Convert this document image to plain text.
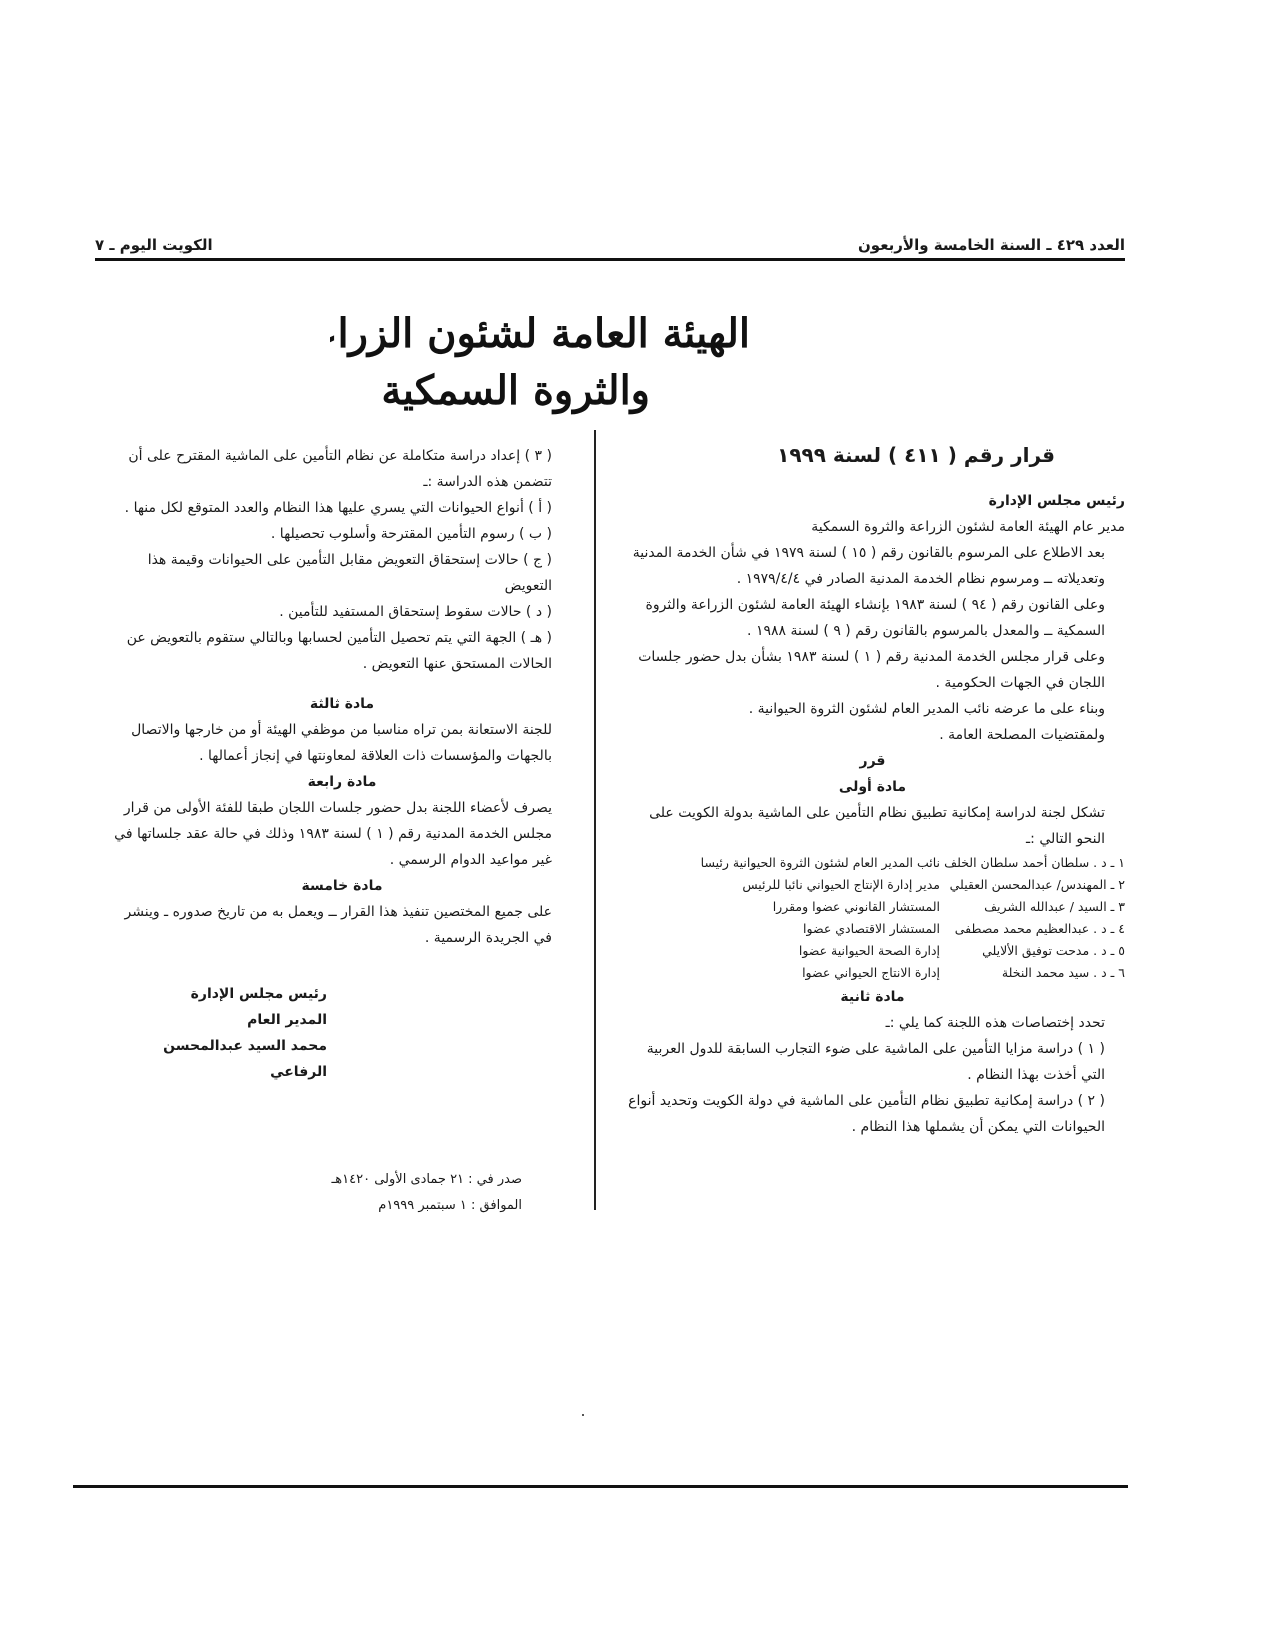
العدد ٤٢٩ ـ السنة الخامسة والأربعون
الكويت اليوم ـ ٧
الهيئة العامة لشئون الزراعة
والثروة السمكية
قرار رقم ( ٤١١ ) لسنة ١٩٩٩

رئيس مجلس الإدارة

مدير عام الهيئة العامة لشئون الزراعة والثروة السمكية

بعد الاطلاع على المرسوم بالقانون رقم ( ١٥ ) لسنة ١٩٧٩ في شأن الخدمة المدنية وتعديلاته ــ ومرسوم نظام الخدمة المدنية الصادر في ١٩٧٩/٤/٤ .

وعلى القانون رقم ( ٩٤ ) لسنة ١٩٨٣ بإنشاء الهيئة العامة لشئون الزراعة والثروة السمكية ــ والمعدل بالمرسوم بالقانون رقم ( ٩ ) لسنة ١٩٨٨ .

وعلى قرار مجلس الخدمة المدنية رقم ( ١ ) لسنة ١٩٨٣ بشأن بدل حضور جلسات اللجان في الجهات الحكومية .

وبناء على ما عرضه نائب المدير العام لشئون الثروة الحيوانية .

ولمقتضيات المصلحة العامة .

قرر

مادة أولى

تشكل لجنة لدراسة إمكانية تطبيق نظام التأمين على الماشية بدولة الكويت على النحو التالي :ـ

١ ـ د . سلطان أحمد سلطان الخلف
نائب المدير العام لشئون الثروة الحيوانية رئيسا
٢ ـ المهندس/ عبدالمحسن العقيلي
مدير إدارة الإنتاج الحيواني نائبا للرئيس
٣ ـ السيد / عبدالله الشريف
المستشار القانوني عضوا ومقررا
٤ ـ د . عبدالعظيم محمد مصطفى
المستشار الاقتصادي عضوا
٥ ـ د . مدحت توفيق الألايلي
إدارة الصحة الحيوانية عضوا
٦ ـ د . سيد محمد النخلة
إدارة الانتاج الحيواني عضوا

مادة ثانية

تحدد إختصاصات هذه اللجنة كما يلي :ـ

( ١ ) دراسة مزايا التأمين على الماشية على ضوء التجارب السابقة للدول العربية التي أخذت بهذا النظام .

( ٢ ) دراسة إمكانية تطبيق نظام التأمين على الماشية في دولة الكويت وتحديد أنواع الحيوانات التي يمكن أن يشملها هذا النظام .

( ٣ ) إعداد دراسة متكاملة عن نظام التأمين على الماشية المقترح على أن تتضمن هذه الدراسة :ـ

( أ ) أنواع الحيوانات التي يسري عليها هذا النظام والعدد المتوقع لكل منها .

( ب ) رسوم التأمين المقترحة وأسلوب تحصيلها .

( ج ) حالات إستحقاق التعويض مقابل التأمين على الحيوانات وقيمة هذا التعويض

( د ) حالات سقوط إستحقاق المستفيد للتأمين .

( هـ ) الجهة التي يتم تحصيل التأمين لحسابها وبالتالي ستقوم بالتعويض عن الحالات المستحق عنها التعويض .

مادة ثالثة

للجنة الاستعانة بمن تراه مناسبا من موظفي الهيئة أو من خارجها والاتصال بالجهات والمؤسسات ذات العلاقة لمعاونتها في إنجاز أعمالها .

مادة رابعة

يصرف لأعضاء اللجنة بدل حضور جلسات اللجان طبقا للفئة الأولى من قرار مجلس الخدمة المدنية رقم ( ١ ) لسنة ١٩٨٣ وذلك في حالة عقد جلساتها في غير مواعيد الدوام الرسمي .

مادة خامسة

على جميع المختصين تنفيذ هذا القرار ــ ويعمل به من تاريخ صدوره ـ وينشر في الجريدة الرسمية .

رئيس مجلس الإدارة

المدير العام

محمد السيد عبدالمحسن الرفاعي

صدر في : ٢١ جمادى الأولى ١٤٢٠هـ

الموافق : ١ سبتمبر ١٩٩٩م
